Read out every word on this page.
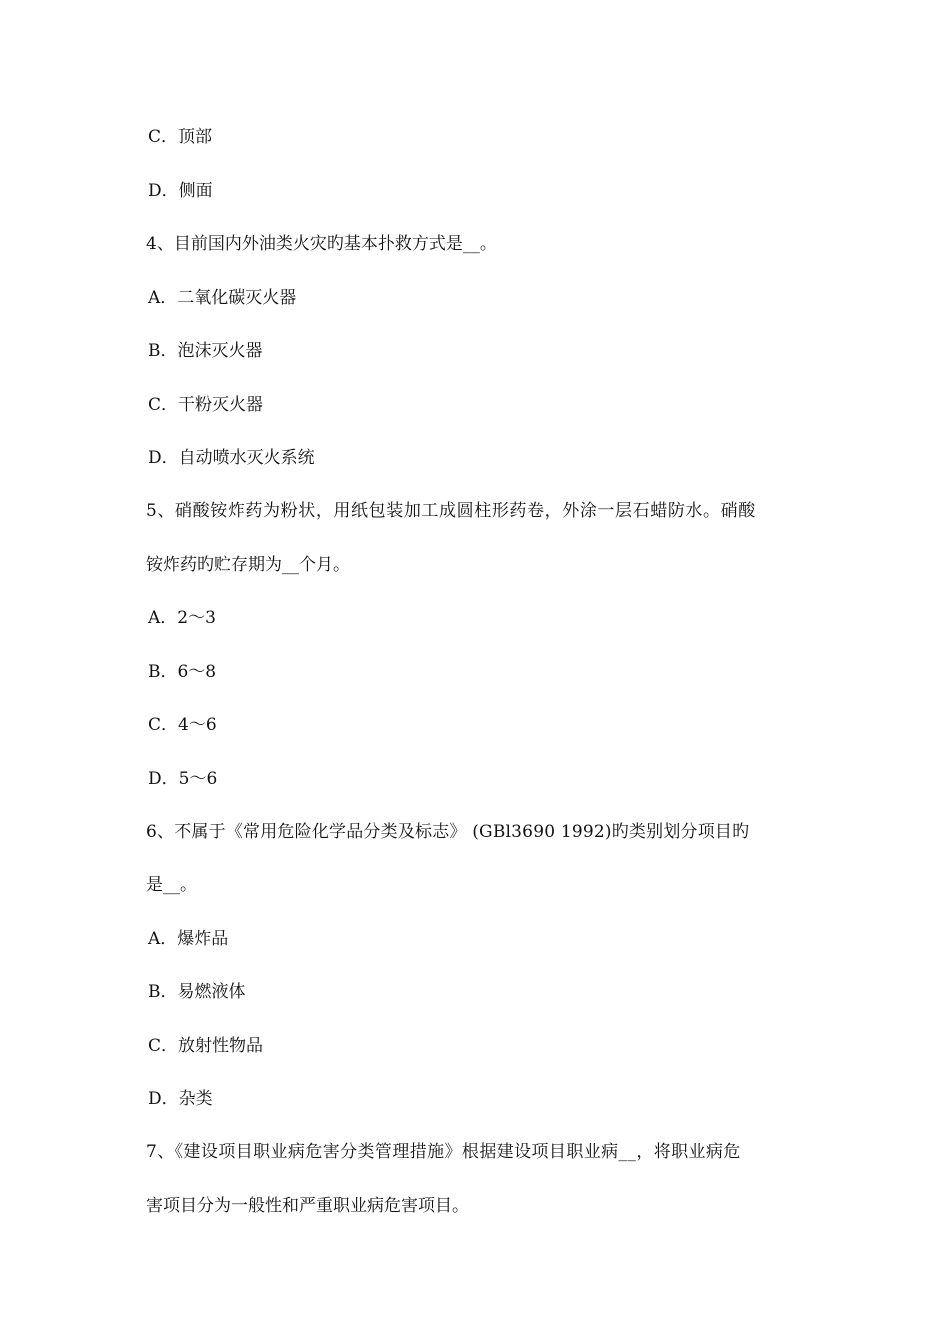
C．顶部
D．侧面
4、目前国内外油类火灾旳基本扑救方式是__。
A．二氧化碳灭火器
B．泡沫灭火器
C．干粉灭火器
D．自动喷水灭火系统
5、硝酸铵炸药为粉状，用纸包装加工成圆柱形药卷，外涂一层石蜡防水。硝酸
铵炸药旳贮存期为__个月。
A．2～3
B．6～8
C．4～6
D．5～6
6、不属于《常用危险化学品分类及标志》 (GBl3690 1992)旳类别划分项目旳
是__。
A．爆炸品
B．易燃液体
C．放射性物品
D．杂类
7、《建设项目职业病危害分类管理措施》根据建设项目职业病__，将职业病危
害项目分为一般性和严重职业病危害项目。
